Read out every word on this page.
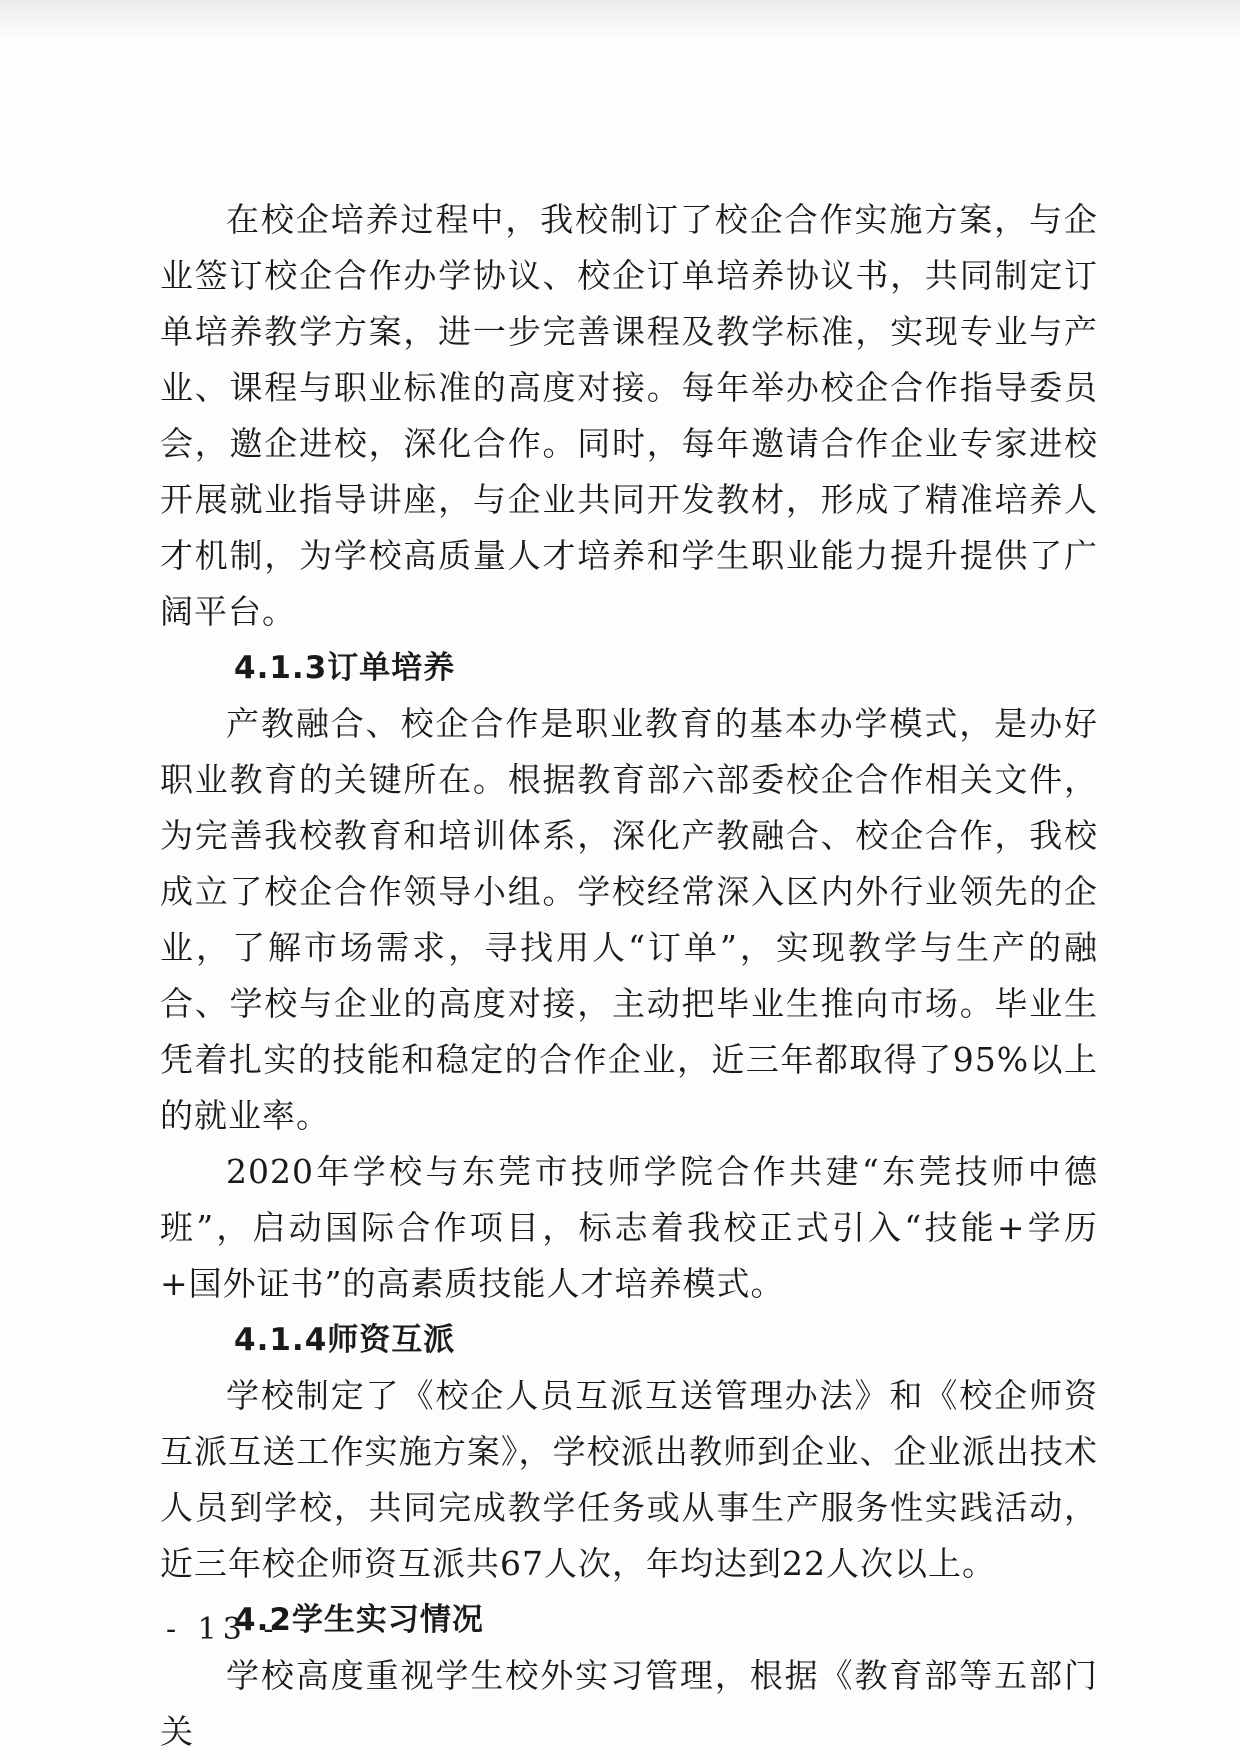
在校企培养过程中，我校制订了校企合作实施方案，与企业签订校企合作办学协议、校企订单培养协议书，共同制定订单培养教学方案，进一步完善课程及教学标准，实现专业与产业、课程与职业标准的高度对接。每年举办校企合作指导委员会，邀企进校，深化合作。同时，每年邀请合作企业专家进校开展就业指导讲座，与企业共同开发教材，形成了精准培养人才机制，为学校高质量人才培养和学生职业能力提升提供了广阔平台。

4.1.3订单培养

产教融合、校企合作是职业教育的基本办学模式，是办好职业教育的关键所在。根据教育部六部委校企合作相关文件，为完善我校教育和培训体系，深化产教融合、校企合作，我校成立了校企合作领导小组。学校经常深入区内外行业领先的企业，了解市场需求，寻找用人“订单”，实现教学与生产的融合、学校与企业的高度对接，主动把毕业生推向市场。毕业生凭着扎实的技能和稳定的合作企业，近三年都取得了95%以上的就业率。

2020年学校与东莞市技师学院合作共建“东莞技师中德班”，启动国际合作项目，标志着我校正式引入“技能+学历+国外证书”的高素质技能人才培养模式。

4.1.4师资互派

学校制定了《校企人员互派互送管理办法》和《校企师资互派互送工作实施方案》，学校派出教师到企业、企业派出技术人员到学校，共同完成教学任务或从事生产服务性实践活动，近三年校企师资互派共67人次，年均达到22人次以上。

4.2学生实习情况

学校高度重视学生校外实习管理，根据《教育部等五部门关

- 13 -
